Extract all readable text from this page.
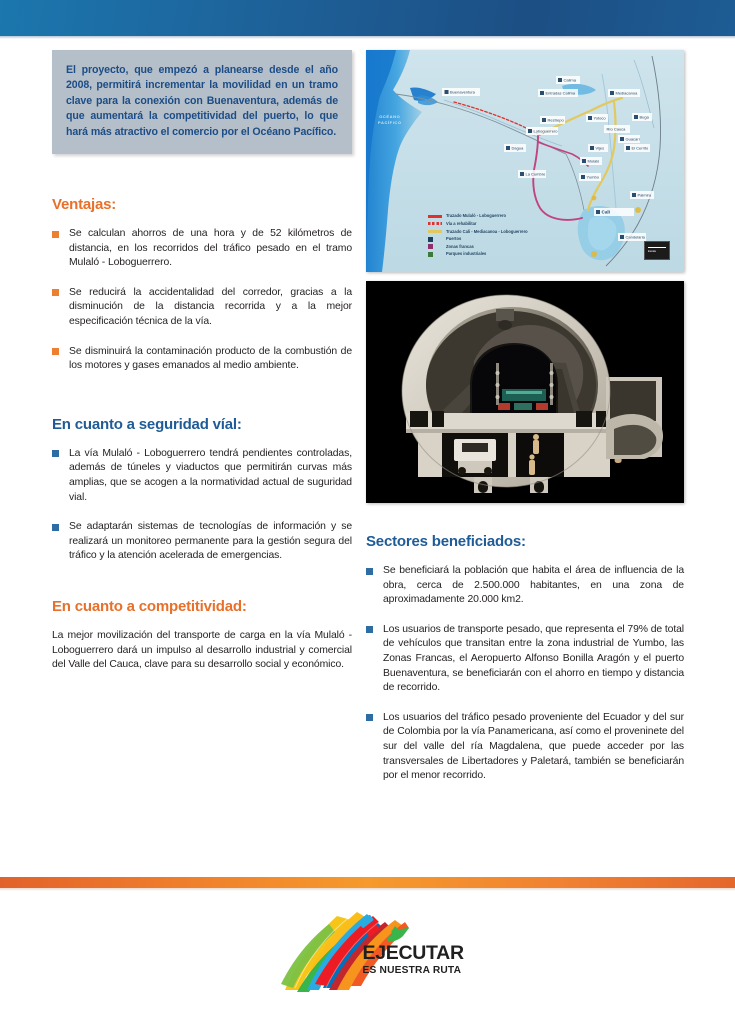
El proyecto, que empezó a planearse desde el año 2008, permitirá incrementar la movilidad en un tramo clave para la conexión con Buenaventura, además de que aumentará la competitividad del puerto, lo que hará más atractivo el comercio por el Océano Pacífico.

Ventajas:
Se calculan ahorros de una hora y de 52 kilómetros de distancia, en los recorridos del tráfico pesado en el tramo Mulaló - Loboguerrero.
Se reducirá la accidentalidad del corredor, gracias a la disminución de la distancia recorrida y a la mejor especificación técnica de la vía.
Se disminuirá la contaminación producto de la combustión de los motores y gases emanados al medio ambiente.
En cuanto a seguridad víal:
La vía Mulaló - Loboguerrero tendrá pendientes controladas, además de túneles y viaductos que permitirán curvas más amplias, que se acogen a la normatividad actual de suguridad vial.
Se adaptarán sistemas de tecnologías de información y se realizará un monitoreo permanente para la gestión segura del tráfico y la atención acelerada de emergencias.
En cuanto a competitividad:

La mejor movilización del transporte de carga en la vía Mulaló - Loboguerrero dará un impulso al desarrollo industrial y comercial del Valle del Cauca, clave para su desarrollo social y económico.

Buenaventura
Calima
Entradas Calima	Mediacanoa
Restrepo	Yotoco	Buga
Loboguerrero	Río Cauca
Guacarí
Dagua	Vijes	El Cerrito
Mulaló
La Cumbre
Yumbo
Cali
Palmira
Candelaria
OCÉANO
PACÍFICO
Trazado Mulaló - Loboguerrero
Vía a rehabilitar
Trazado Cali - Mediacanoa - Loboguerrero
Puertos
Zonas francas
Parques industriales	Escala
Sectores beneficiados:
Se beneficiará la población que habita el área de influencia de la obra, cerca de 2.500.000 habitantes, en una zona de aproximadamente 20.000 km2.
Los usuarios de transporte pesado, que representa el 79% de total de vehículos que transitan entre la zona industrial de Yumbo, las Zonas Francas, el Aeropuerto Alfonso Bonilla Aragón y el puerto Buenaventura, se beneficiarán con el ahorro en tiempo y distancia de recorrido.
Los usuarios del tráfico pesado proveniente del Ecuador y del sur de Colombia por la vía Panamericana, así como el proveninete del sur del valle del ría Magdalena, que puede acceder por las transversales de Libertadores y Paletará, también se beneficiarán por el menor recorrido.
EJECUTAR
ES NUESTRA RUTA
